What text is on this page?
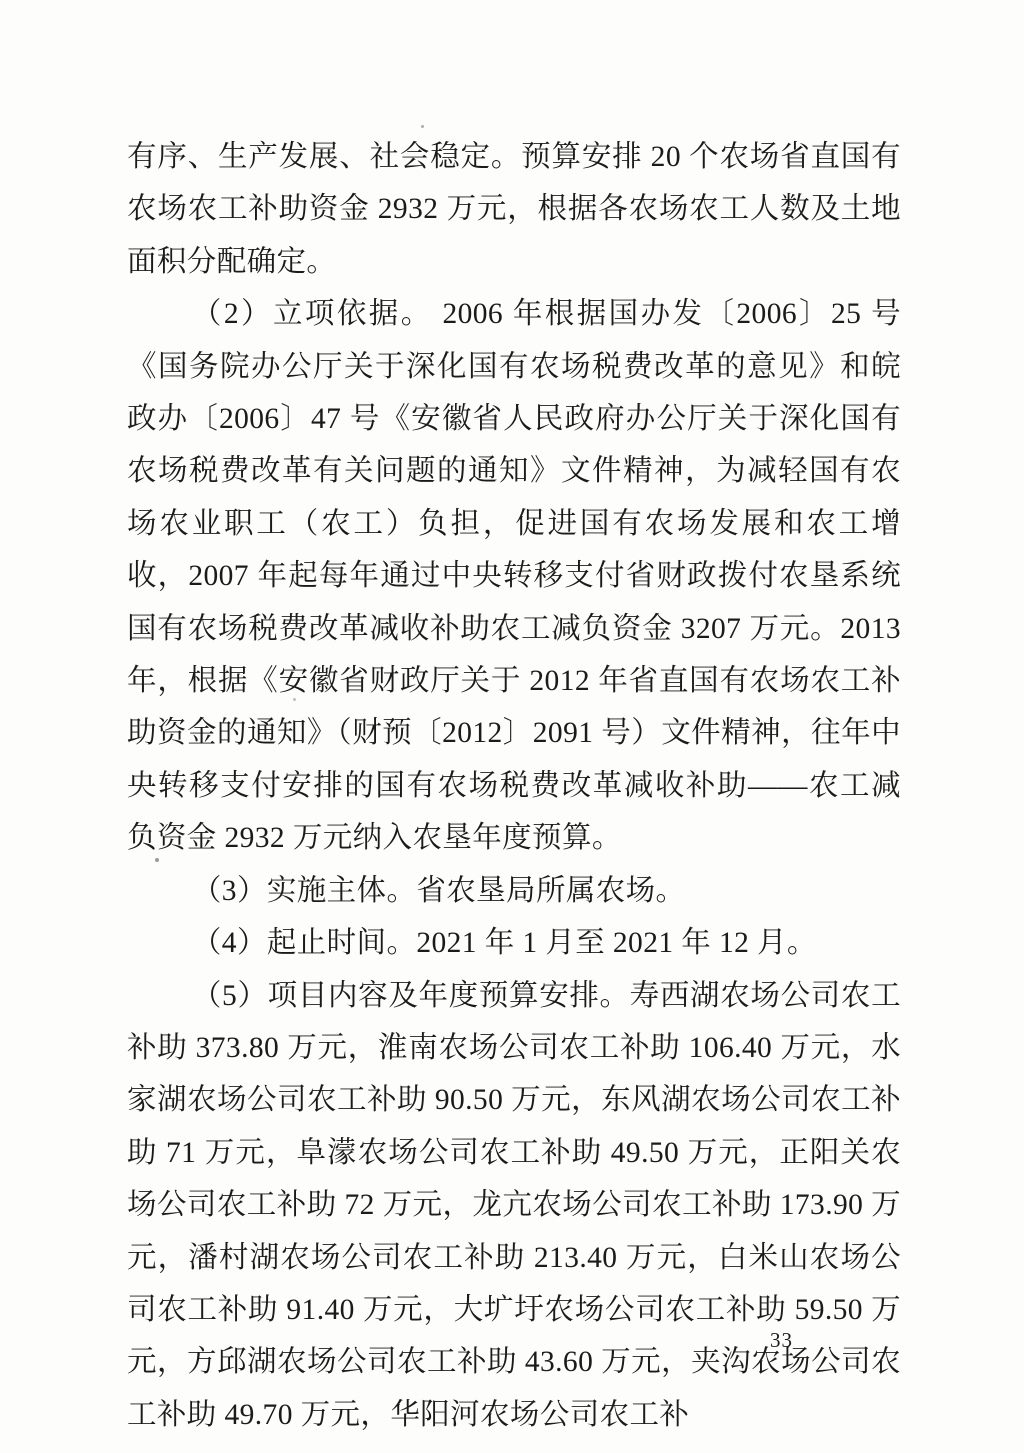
有序、生产发展、社会稳定。预算安排 20 个农场省直国有农场农工补助资金 2932 万元，根据各农场农工人数及土地面积分配确定。

（2）立项依据。 2006 年根据国办发〔2006〕25 号《国务院办公厅关于深化国有农场税费改革的意见》和皖政办〔2006〕47 号《安徽省人民政府办公厅关于深化国有农场税费改革有关问题的通知》文件精神，为减轻国有农场农业职工（农工）负担，促进国有农场发展和农工增收，2007 年起每年通过中央转移支付省财政拨付农垦系统国有农场税费改革减收补助农工减负资金 3207 万元。2013 年，根据《安徽省财政厅关于 2012 年省直国有农场农工补助资金的通知》（财预〔2012〕2091 号）文件精神，往年中央转移支付安排的国有农场税费改革减收补助——农工减负资金 2932 万元纳入农垦年度预算。

（3）实施主体。省农垦局所属农场。

（4）起止时间。2021 年 1 月至 2021 年 12 月。

（5）项目内容及年度预算安排。寿西湖农场公司农工补助 373.80 万元，淮南农场公司农工补助 106.40 万元，水家湖农场公司农工补助 90.50 万元，东风湖农场公司农工补助 71 万元，阜濛农场公司农工补助 49.50 万元，正阳关农场公司农工补助 72 万元，龙亢农场公司农工补助 173.90 万元，潘村湖农场公司农工补助 213.40 万元，白米山农场公司农工补助 91.40 万元，大圹圩农场公司农工补助 59.50 万元，方邱湖农场公司农工补助 43.60 万元，夹沟农场公司农工补助 49.70 万元，华阳河农场公司农工补

33
